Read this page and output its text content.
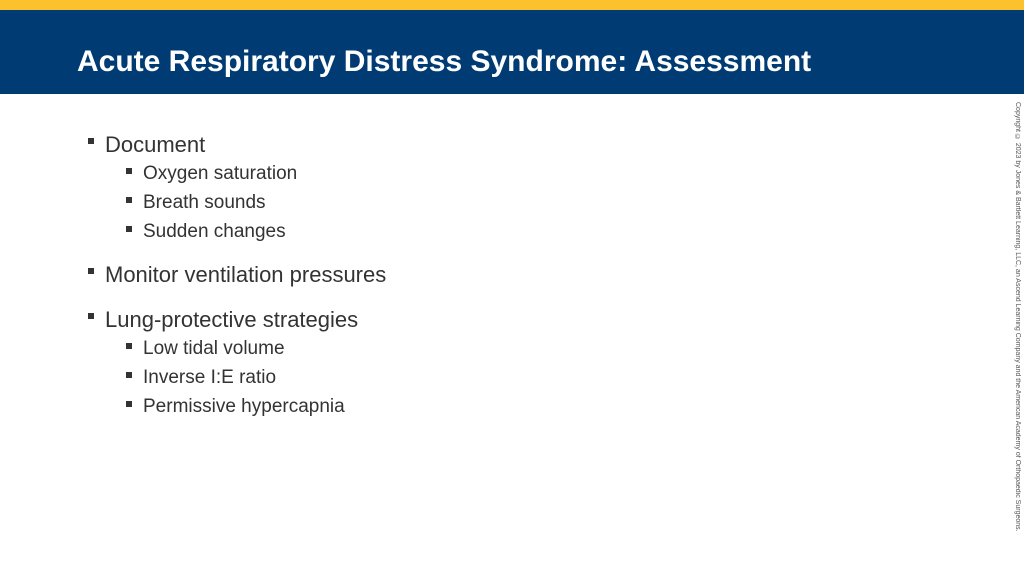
Acute Respiratory Distress Syndrome: Assessment
Document
Oxygen saturation
Breath sounds
Sudden changes
Monitor ventilation pressures
Lung-protective strategies
Low tidal volume
Inverse I:E ratio
Permissive hypercapnia	Copyright © 2023 by Jones & Bartlett Learning, LLC, an Ascend Learning Company and the American Academy of Orthopaedic Surgeons.
